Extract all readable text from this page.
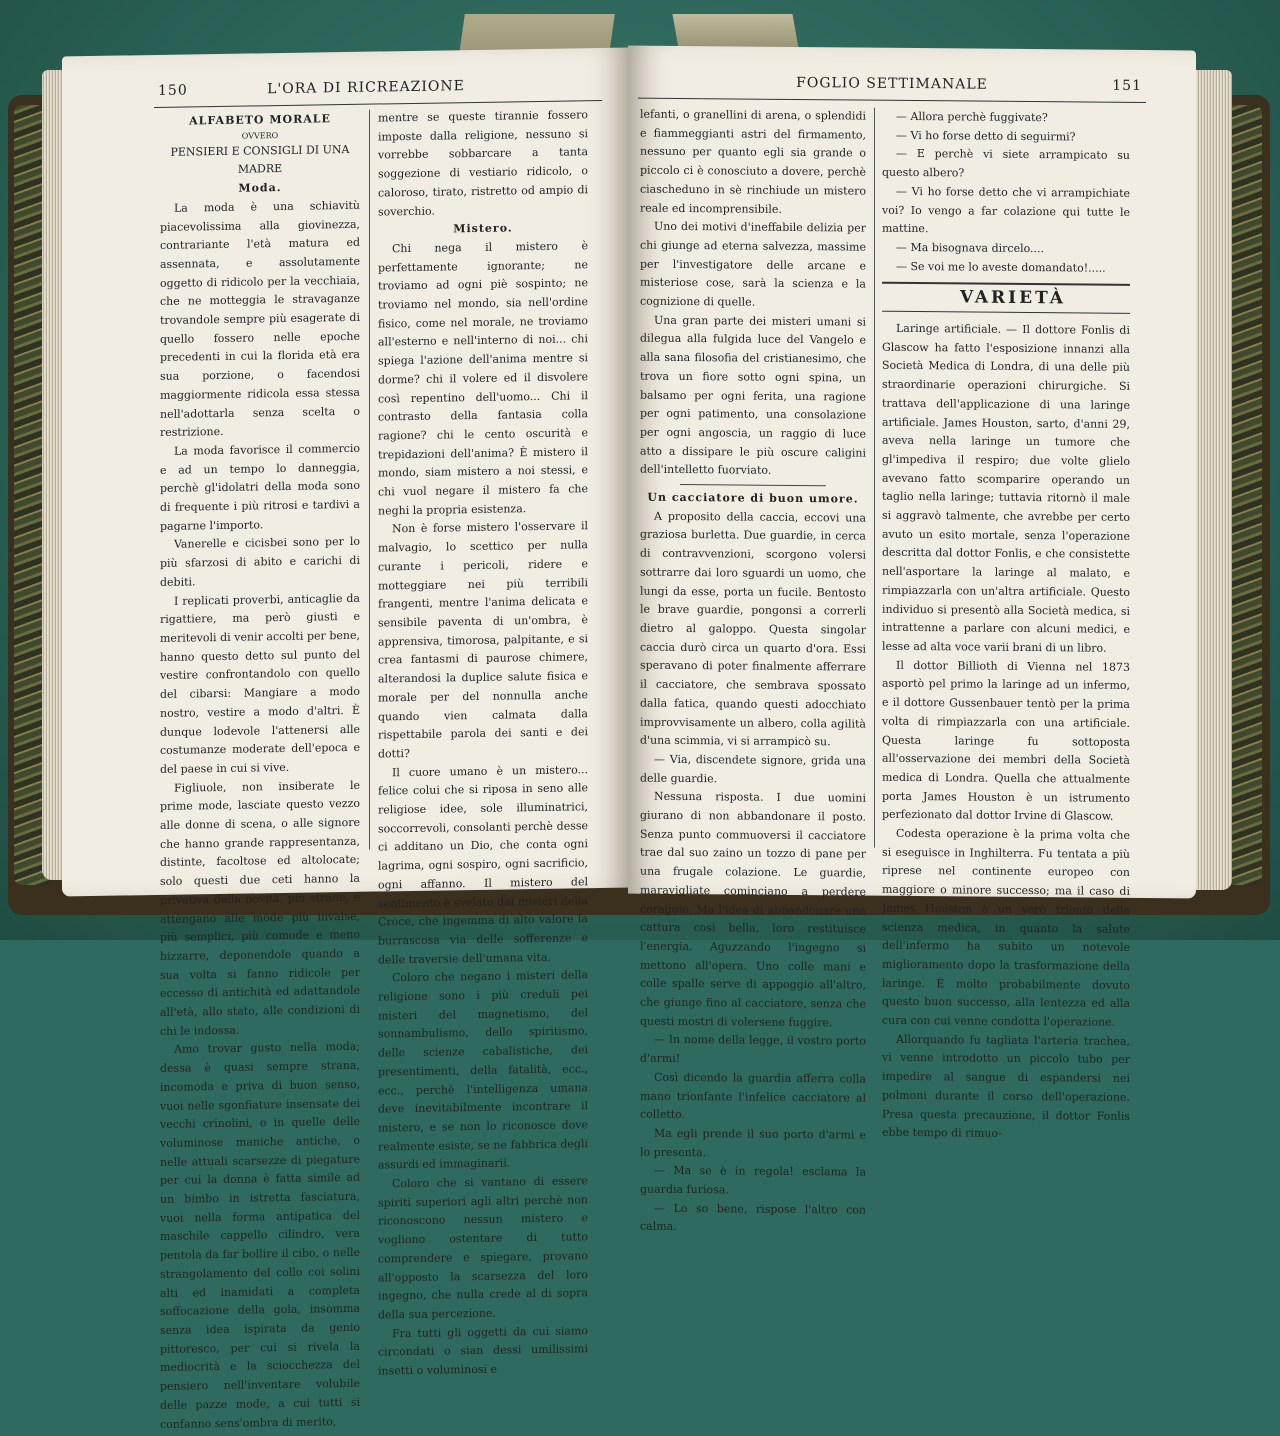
150	L'ORA DI RICREAZIONE

ALFABETO MORALE

OVVERO

PENSIERI E CONSIGLI DI UNA MADRE

Moda.

La moda è una schiavitù piacevolissima alla giovinezza, contrariante l'età matura ed assennata, e assolutamente oggetto di ridicolo per la vecchiaia, che ne motteggia le stravaganze trovandole sempre più esagerate di quello fossero nelle epoche precedenti in cui la florida età era sua porzione, o facendosi maggiormente ridicola essa stessa nell'adottarla senza scelta o restrizione.

La moda favorisce il commercio e ad un tempo lo danneggia, perchè gl'idolatri della moda sono di frequente i più ritrosi e tardivi a pagarne l'importo.

Vanerelle e cicisbei sono per lo più sfarzosi di abito e carichi di debiti.

I replicati proverbi, anticaglie da rigattiere, ma però giusti e meritevoli di venir accolti per bene, hanno questo detto sul punto del vestire confrontandolo con quello del cibarsi: Mangiare a modo nostro, vestire a modo d'altri. È dunque lodevole l'attenersi alle costumanze moderate dell'epoca e del paese in cui si vive.

Figliuole, non insiberate le prime mode, lasciate questo vezzo alle donne di scena, o alle signore che hanno grande rappresentanza, distinte, facoltose ed altolocate; solo questi due ceti hanno la privativa della novità, più strane, e attengano alle mode più invalse, più semplici, più comode e meno bizzarre, deponendole quando a sua volta si fanno ridicole per eccesso di antichità ed adattandole all'età, allo stato, alle condizioni di chi le indossa.

Amo trovar gusto nella moda; dessa è quasi sempre strana, incomoda e priva di buon senso, vuoi nelle sgonfiature insensate dei vecchi crinolini, o in quelle delle voluminose maniche antiche, o nelle attuali scarsezze di piegature per cui la donna è fatta simile ad un bimbo in istretta fasciatura, vuoi nella forma antipatica del maschile cappello cilindro, vera pentola da far bollire il cibo, o nelle strangolamento del collo coi solini alti ed inamidati a completa soffocazione della gola, insomma senza idea ispirata da genio pittoresco, per cui si rivela la mediocrità e la sciocchezza del pensiero nell'inventare volubile delle pazze mode, a cui tutti si confanno sens'ombra di merito,

mentre se queste tirannie fossero imposte dalla religione, nessuno si vorrebbe sobbarcare a tanta soggezione di vestiario ridicolo, o caloroso, tirato, ristretto od ampio di soverchio.

Mistero.

Chi nega il mistero è perfettamente ignorante; ne troviamo ad ogni piè sospinto; ne troviamo nel mondo, sia nell'ordine fisico, come nel morale, ne troviamo all'esterno e nell'interno di noi... chi spiega l'azione dell'anima mentre si dorme? chi il volere ed il disvolere così repentino dell'uomo... Chi il contrasto della fantasia colla ragione? chi le cento oscurità e trepidazioni dell'anima? È mistero il mondo, siam mistero a noi stessi, e chi vuol negare il mistero fa che neghi la propria esistenza.

Non è forse mistero l'osservare il malvagio, lo scettico per nulla curante i pericoli, ridere e motteggiare nei più terribili frangenti, mentre l'anima delicata e sensibile paventa di un'ombra, è apprensiva, timorosa, palpitante, e si crea fantasmi di paurose chimere, alterandosi la duplice salute fisica e morale per del nonnulla anche quando vien calmata dalla rispettabile parola dei santi e dei dotti?

Il cuore umano è un mistero... felice colui che si riposa in seno alle religiose idee, sole illuminatrici, soccorrevoli, consolanti perchè desse ci additano un Dio, che conta ogni lagrima, ogni sospiro, ogni sacrificio, ogni affanno. Il mistero del sentimento è svelato dai misteri della Croce, che ingemma di alto valore la burrascosa via delle sofferenze e delle traversie dell'umana vita.

Coloro che negano i misteri della religione sono i più creduli pei misteri del magnetismo, del sonnambulismo, dello spiritismo, delle scienze cabalistiche, dei presentimenti, della fatalità, ecc., ecc., perchè l'intelligenza umana deve inevitabilmente incontrare il mistero, e se non lo riconosce dove realmente esiste, se ne fabbrica degli assurdi ed immaginarii.

Coloro che si vantano di essere spiriti superiori agli altri perchè non riconoscono nessun mistero e vogliono ostentare di tutto comprendere e spiegare, provano all'opposto la scarsezza del loro ingegno, che nulla crede al di sopra della sua percezione.

Fra tutti gli oggetti da cui siamo circondati o sian dessi umilissimi insetti o voluminosi e

FOGLIO SETTIMANALE	151

lefanti, o granellini di arena, o splendidi e fiammeggianti astri del firmamento, nessuno per quanto egli sia grande o piccolo ci è conosciuto a dovere, perchè ciascheduno in sè rinchiude un mistero reale ed incomprensibile.

Uno dei motivi d'ineffabile delizia per chi giunge ad eterna salvezza, massime per l'investigatore delle arcane e misteriose cose, sarà la scienza e la cognizione di quelle.

Una gran parte dei misteri umani si dilegua alla fulgida luce del Vangelo e alla sana filosofia del cristianesimo, che trova un fiore sotto ogni spina, un balsamo per ogni ferita, una ragione per ogni patimento, una consolazione per ogni angoscia, un raggio di luce atto a dissipare le più oscure caligini dell'intelletto fuorviato.

Un cacciatore di buon umore.

A proposito della caccia, eccovi una graziosa burletta. Due guardie, in cerca di contravvenzioni, scorgono volersi sottrarre dai loro sguardi un uomo, che lungi da esse, porta un fucile. Bentosto le brave guardie, pongonsi a correrli dietro al galoppo. Questa singolar caccia durò circa un quarto d'ora. Essi speravano di poter finalmente afferrare il cacciatore, che sembrava spossato dalla fatica, quando questi adocchiato improvvisamente un albero, colla agilità d'una scimmia, vi si arrampicò su.

— Via, discendete signore, grida una delle guardie.

Nessuna risposta. I due uomini giurano di non abbandonare il posto. Senza punto commuoversi il cacciatore trae dal suo zaino un tozzo di pane per una frugale colazione. Le guardie, maravigliate cominciano a perdere coraggio. Ma l'idea di abbandonare una cattura così bella, loro restituisce l'energia. Aguzzando l'ingegno si mettono all'opera. Uno colle mani e colle spalle serve di appoggio all'altro, che giunge fino al cacciatore, senza che questi mostri di volersene fuggire.

— In nome della legge, il vostro porto d'armi!

Così dicendo la guardia afferra colla mano trionfante l'infelice cacciatore al colletto.

Ma egli prende il suo porto d'armi e lo presenta.

— Ma se è in regola! esclama la guardia furiosa.

— Lo so bene, rispose l'altro con calma.

— Allora perchè fuggivate?

— Vi ho forse detto di seguirmi?

— E perchè vi siete arrampicato su questo albero?

— Vi ho forse detto che vi arrampichiate voi? Io vengo a far colazione qui tutte le mattine.

— Ma bisognava dircelo....

— Se voi me lo aveste domandato!.....

VARIETÀ

Laringe artificiale. — Il dottore Fonlis di Glascow ha fatto l'esposizione innanzi alla Società Medica di Londra, di una delle più straordinarie operazioni chirurgiche. Si trattava dell'applicazione di una laringe artificiale. James Houston, sarto, d'anni 29, aveva nella laringe un tumore che gl'impediva il respiro; due volte glielo avevano fatto scomparire operando un taglio nella laringe; tuttavia ritornò il male si aggravò talmente, che avrebbe per certo avuto un esito mortale, senza l'operazione descritta dal dottor Fonlis, e che consistette nell'asportare la laringe al malato, e rimpiazzarla con un'altra artificiale. Questo individuo si presentò alla Società medica, si intrattenne a parlare con alcuni medici, e lesse ad alta voce varii brani di un libro.

Il dottor Billioth di Vienna nel 1873 asportò pel primo la laringe ad un infermo, e il dottore Gussenbauer tentò per la prima volta di rimpiazzarla con una artificiale. Questa laringe fu sottoposta all'osservazione dei membri della Società medica di Londra. Quella che attualmente porta James Houston è un istrumento perfezionato dal dottor Irvine di Glascow.

Codesta operazione è la prima volta che si eseguisce in Inghilterra. Fu tentata a più riprese nel continente europeo con maggiore o minore successo; ma il caso di James Houston è un vero trionfo della scienza medica, in quanto la salute dell'infermo ha subito un notevole miglioramento dopo la trasformazione della laringe. È molto probabilmente dovuto questo buon successo, alla lentezza ed alla cura con cui venne condotta l'operazione.

Allorquando fu tagliata l'arteria trachea, vi venne introdotto un piccolo tubo per impedire al sangue di espandersi nei polmoni durante il corso dell'operazione. Presa questa precauzione, il dottor Fonlis ebbe tempo di rimuo-
